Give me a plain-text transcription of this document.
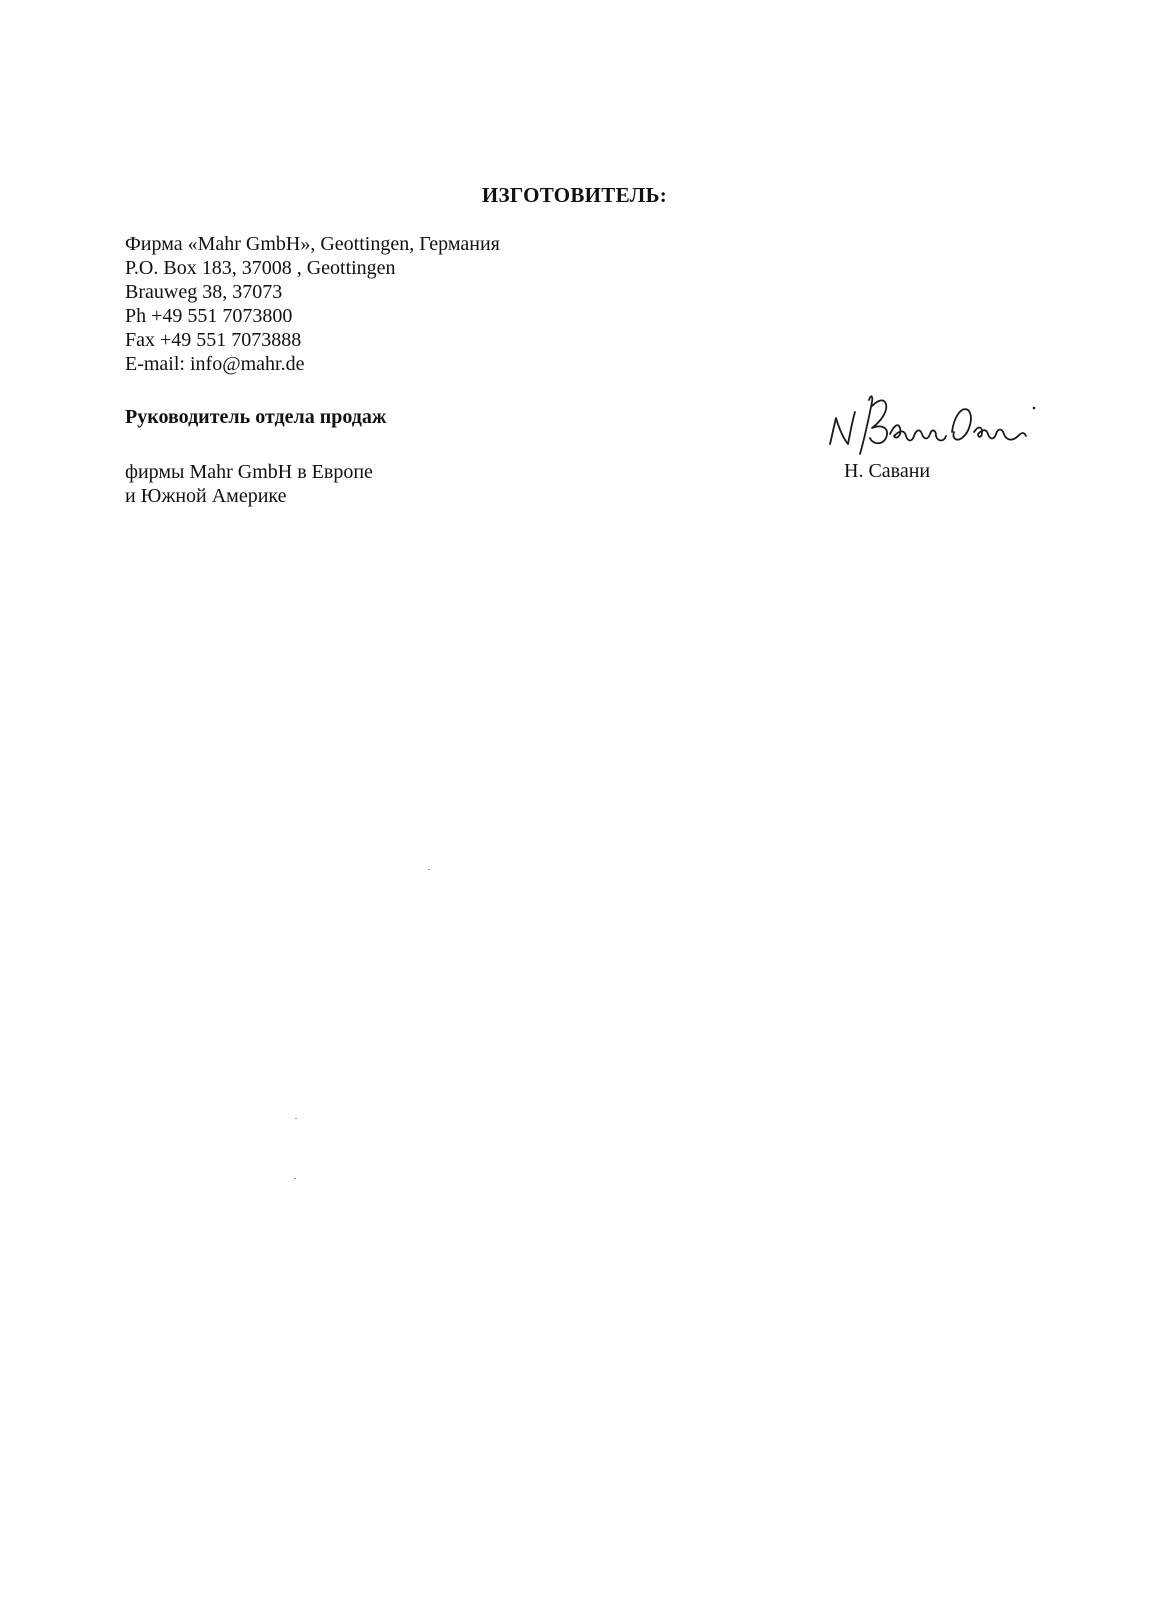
ИЗГОТОВИТЕЛЬ:
Фирма «Mahr GmbH», Geottingen, Германия
P.O. Box 183, 37008 , Geottingen
Brauweg 38, 37073
Ph +49 551 7073800
Fax +49 551 7073888
E-mail: info@mahr.de
Руководитель отдела продаж
фирмы Mahr GmbH в Европе
и Южной Америке
Н. Савани
